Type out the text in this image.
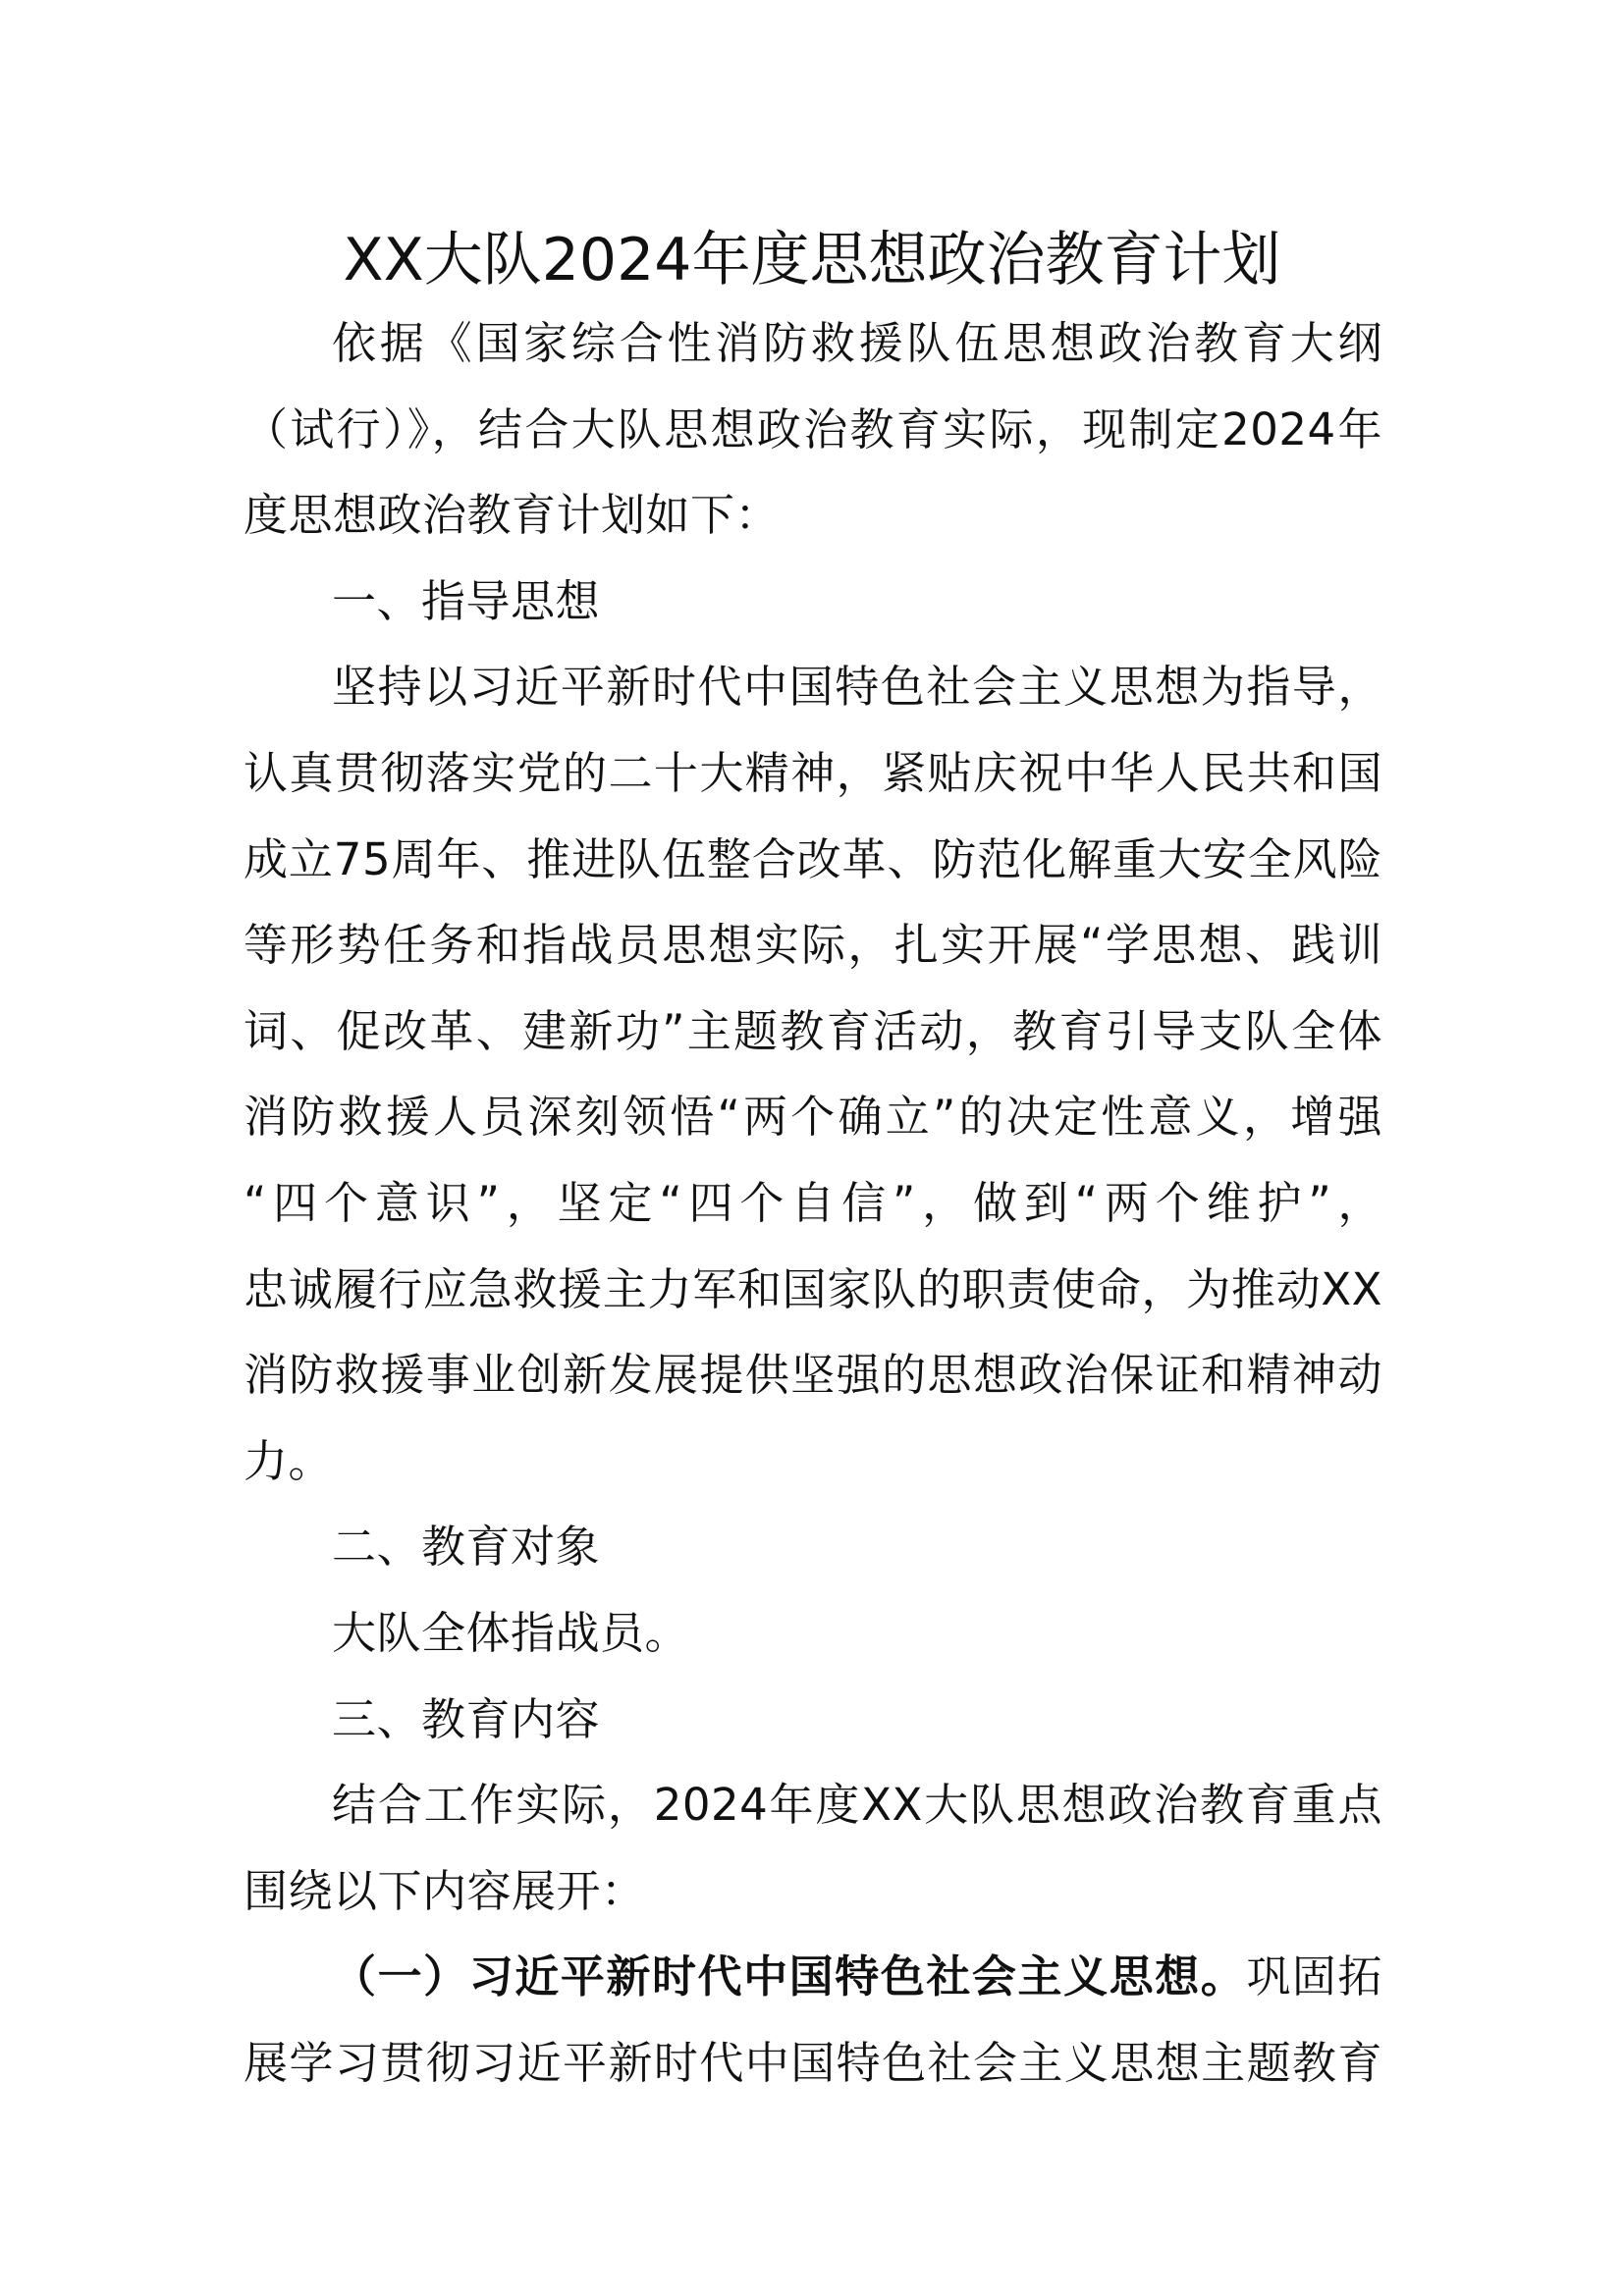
XX大队2024年度思想政治教育计划
依据《国家综合性消防救援队伍思想政治教育大纲
（试行）》，结合大队思想政治教育实际，现制定2024年
度思想政治教育计划如下：
一、指导思想
坚持以习近平新时代中国特色社会主义思想为指导，
认真贯彻落实党的二十大精神，紧贴庆祝中华人民共和国
成立75周年、推进队伍整合改革、防范化解重大安全风险
等形势任务和指战员思想实际，扎实开展“学思想、践训
词、促改革、建新功”主题教育活动，教育引导支队全体
消防救援人员深刻领悟“两个确立”的决定性意义，增强
“四个意识”，坚定“四个自信”，做到“两个维护”，
忠诚履行应急救援主力军和国家队的职责使命，为推动XX
消防救援事业创新发展提供坚强的思想政治保证和精神动
力。
二、教育对象
大队全体指战员。
三、教育内容
结合工作实际，2024年度XX大队思想政治教育重点
围绕以下内容展开：
（一）习近平新时代中国特色社会主义思想。巩固拓
展学习贯彻习近平新时代中国特色社会主义思想主题教育
